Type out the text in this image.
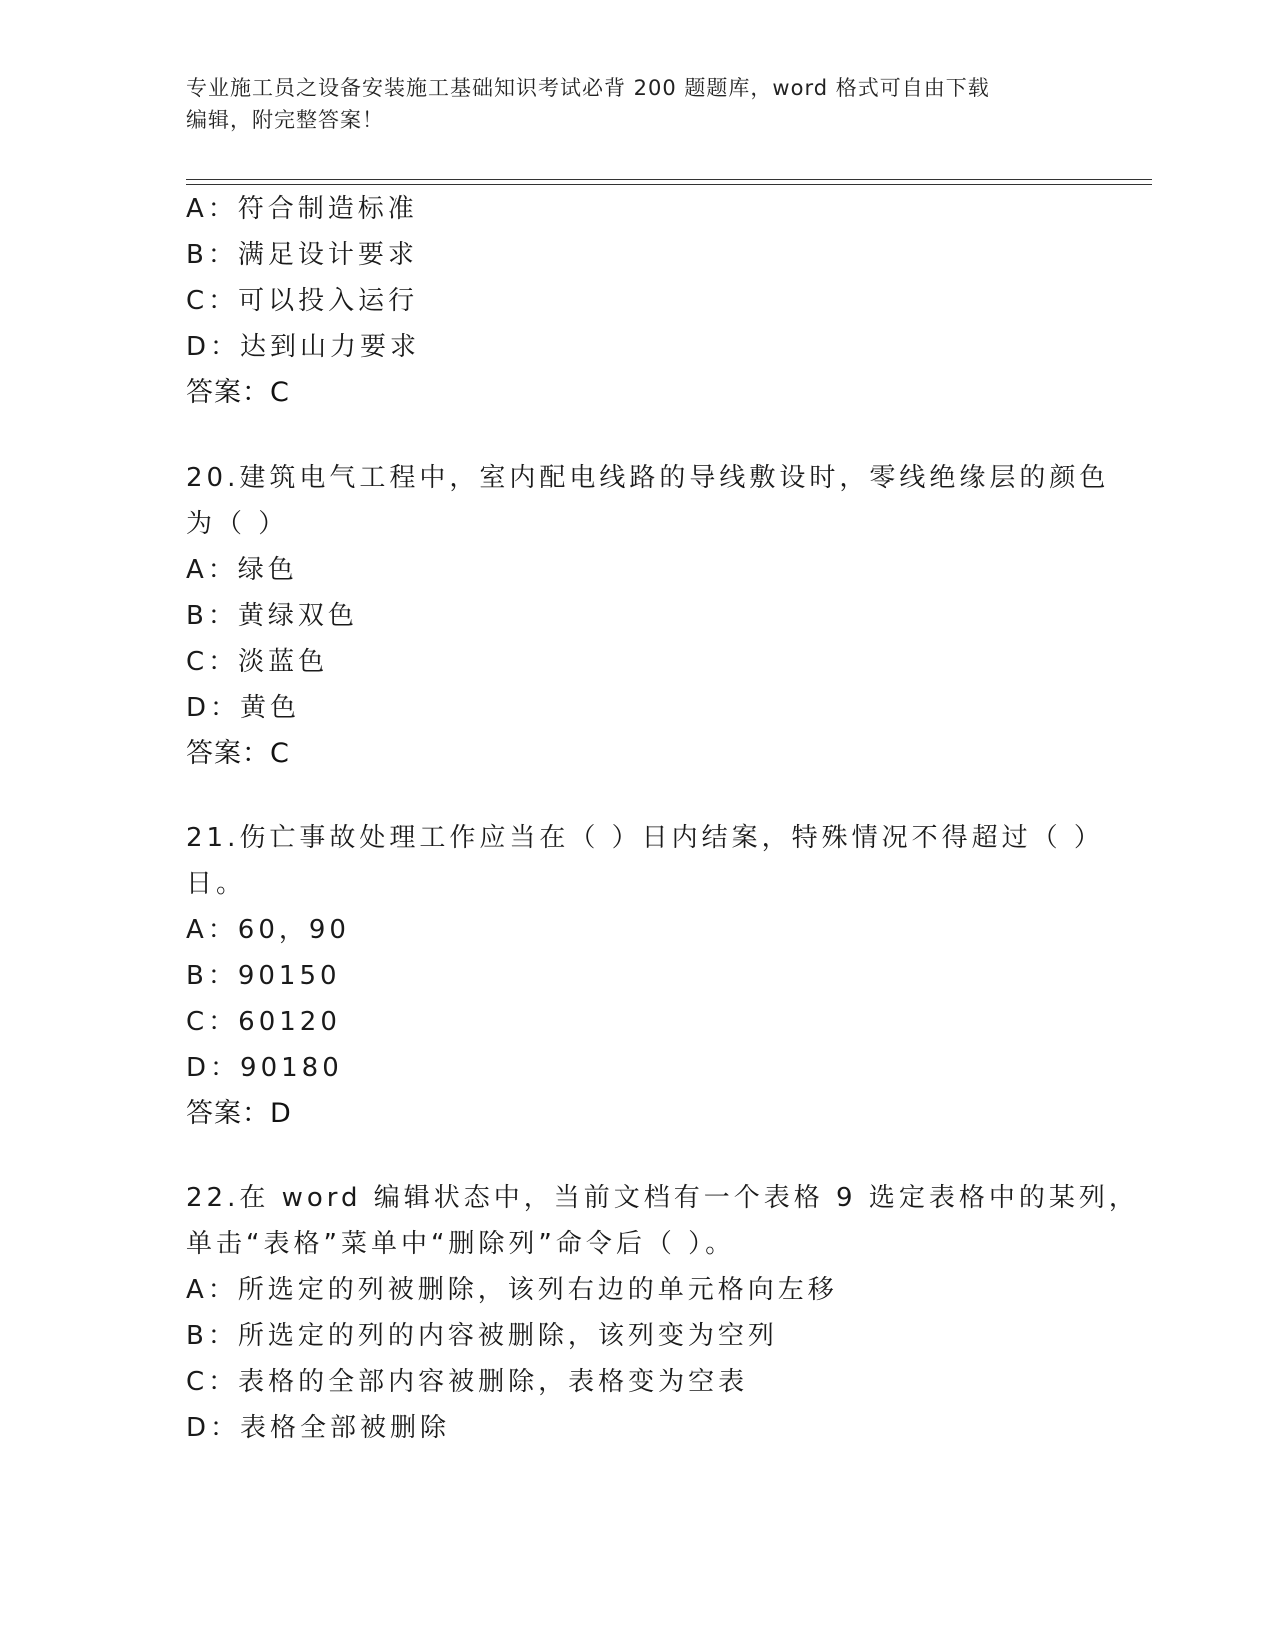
专业施工员之设备安装施工基础知识考试必背 200 题题库，word 格式可自由下载
编辑，附完整答案！
A：符合制造标准
B：满足设计要求
C：可以投入运行
D：达到山力要求
答案：C
20.建筑电气工程中，室内配电线路的导线敷设时，零线绝缘层的颜色
为（ ）
A：绿色
B：黄绿双色
C：淡蓝色
D：黄色
答案：C
21.伤亡事故处理工作应当在（ ）日内结案，特殊情况不得超过（ ）
日。
A：60，90
B：90150
C：60120
D：90180
答案：D
22.在 word 编辑状态中，当前文档有一个表格 9 选定表格中的某列，
单击“表格”菜单中“删除列”命令后（ ）。
A：所选定的列被删除，该列右边的单元格向左移
B：所选定的列的内容被删除，该列变为空列
C：表格的全部内容被删除，表格变为空表
D：表格全部被删除
